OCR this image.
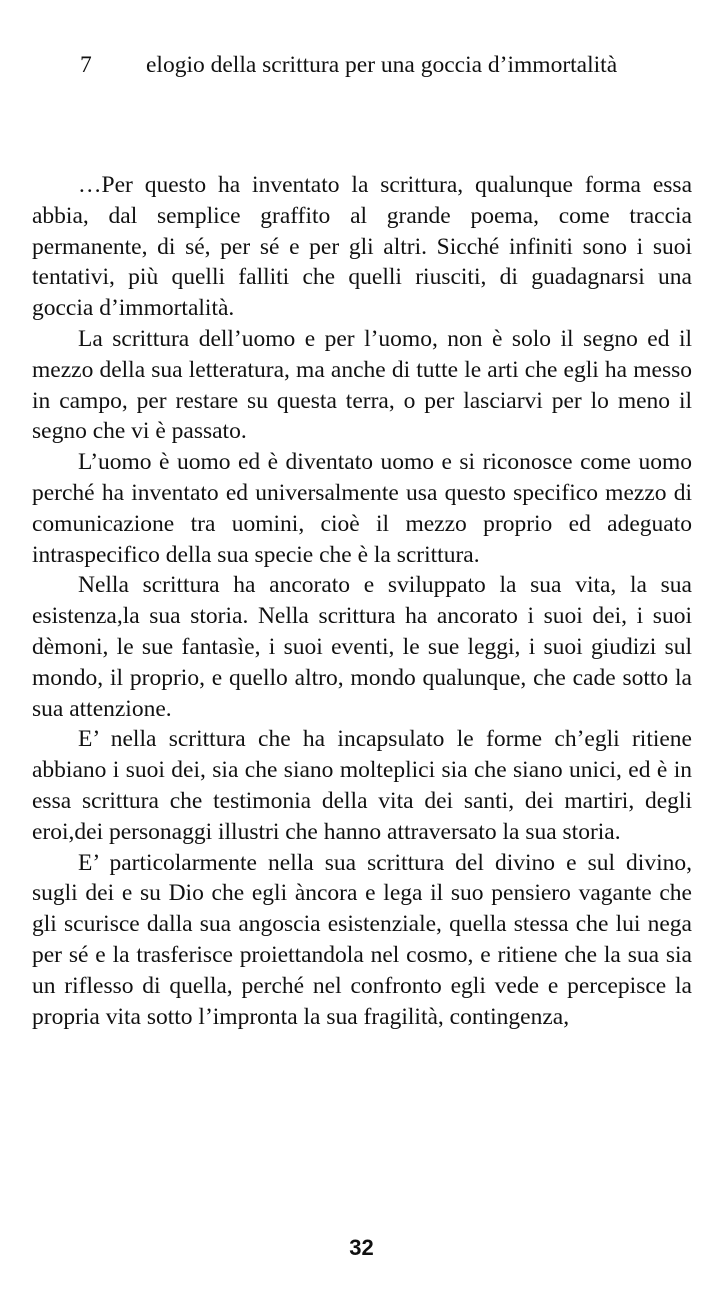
7 elogio della scrittura per una goccia d’immortalità

…Per questo ha inventato la scrittura, qualunque forma essa abbia, dal semplice graffito al grande poema, come traccia permanente, di sé, per sé e per gli altri. Sicché infiniti sono i suoi tentativi, più quelli falliti che quelli riusciti, di guadagnarsi una goccia d’immortalità.

La scrittura dell’uomo e per l’uomo, non è solo il segno ed il mezzo della sua letteratura, ma anche di tutte le arti che egli ha messo in campo, per restare su questa terra, o per lasciarvi per lo meno il segno che vi è passato.

L’uomo è uomo ed è diventato uomo e si riconosce come uomo perché ha inventato ed universalmente usa questo specifico mezzo di comunicazione tra uomini, cioè il mezzo proprio ed adeguato intraspecifico della sua specie che è la scrittura.

Nella scrittura ha ancorato e sviluppato la sua vita, la sua esistenza,la sua storia. Nella scrittura ha ancorato i suoi dei, i suoi dèmoni, le sue fantasìe, i suoi eventi, le sue leggi, i suoi giudizi sul mondo, il proprio, e quello altro, mondo qualunque, che cade sotto la sua attenzione.

E’ nella scrittura che ha incapsulato le forme ch’egli ritiene abbiano i suoi dei, sia che siano molteplici sia che siano unici, ed è in essa scrittura che testimonia della vita dei santi, dei martiri, degli eroi,dei personaggi illustri che hanno attraversato la sua storia.

E’ particolarmente nella sua scrittura del divino e sul divino, sugli dei e su Dio che egli àncora e lega il suo pensiero vagante che gli scurisce dalla sua angoscia esistenziale, quella stessa che lui nega per sé e la trasferisce proiettandola nel cosmo, e ritiene che la sua sia un riflesso di quella, perché nel confronto egli vede e percepisce la propria vita sotto l’impronta la sua fragilità, contingenza,

32
